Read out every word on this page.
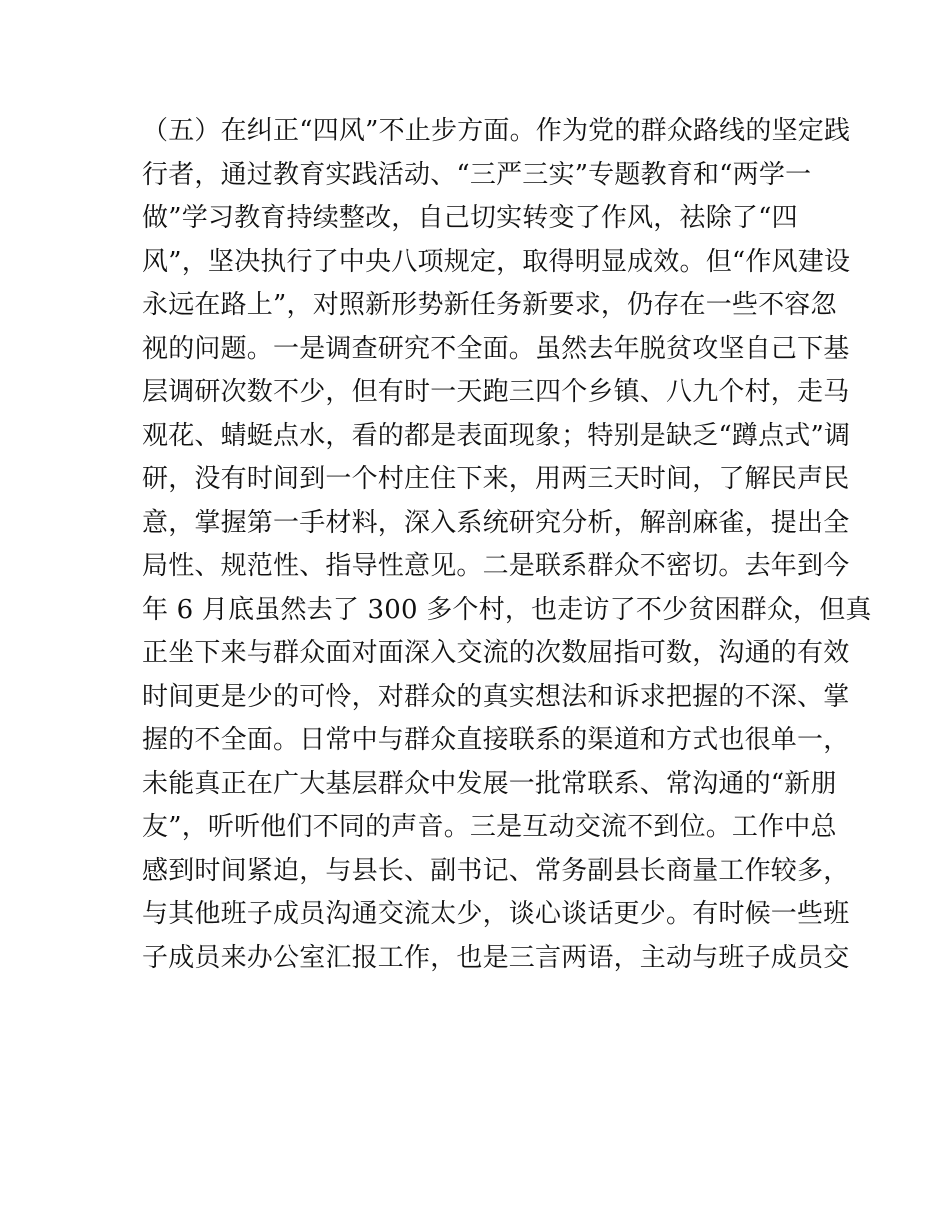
（五）在纠正“四风”不止步方面。作为党的群众路线的坚定践
行者，通过教育实践活动、“三严三实”专题教育和“两学一
做”学习教育持续整改，自己切实转变了作风，祛除了“四
风”，坚决执行了中央八项规定，取得明显成效。但“作风建设
永远在路上”，对照新形势新任务新要求，仍存在一些不容忽
视的问题。一是调查研究不全面。虽然去年脱贫攻坚自己下基
层调研次数不少，但有时一天跑三四个乡镇、八九个村，走马
观花、蜻蜓点水，看的都是表面现象；特别是缺乏“蹲点式”调
研，没有时间到一个村庄住下来，用两三天时间，了解民声民
意，掌握第一手材料，深入系统研究分析，解剖麻雀，提出全
局性、规范性、指导性意见。二是联系群众不密切。去年到今
年 6 月底虽然去了 300 多个村，也走访了不少贫困群众，但真
正坐下来与群众面对面深入交流的次数屈指可数，沟通的有效
时间更是少的可怜，对群众的真实想法和诉求把握的不深、掌
握的不全面。日常中与群众直接联系的渠道和方式也很单一，
未能真正在广大基层群众中发展一批常联系、常沟通的“新朋
友”，听听他们不同的声音。三是互动交流不到位。工作中总
感到时间紧迫，与县长、副书记、常务副县长商量工作较多，
与其他班子成员沟通交流太少，谈心谈话更少。有时候一些班
子成员来办公室汇报工作，也是三言两语，主动与班子成员交
